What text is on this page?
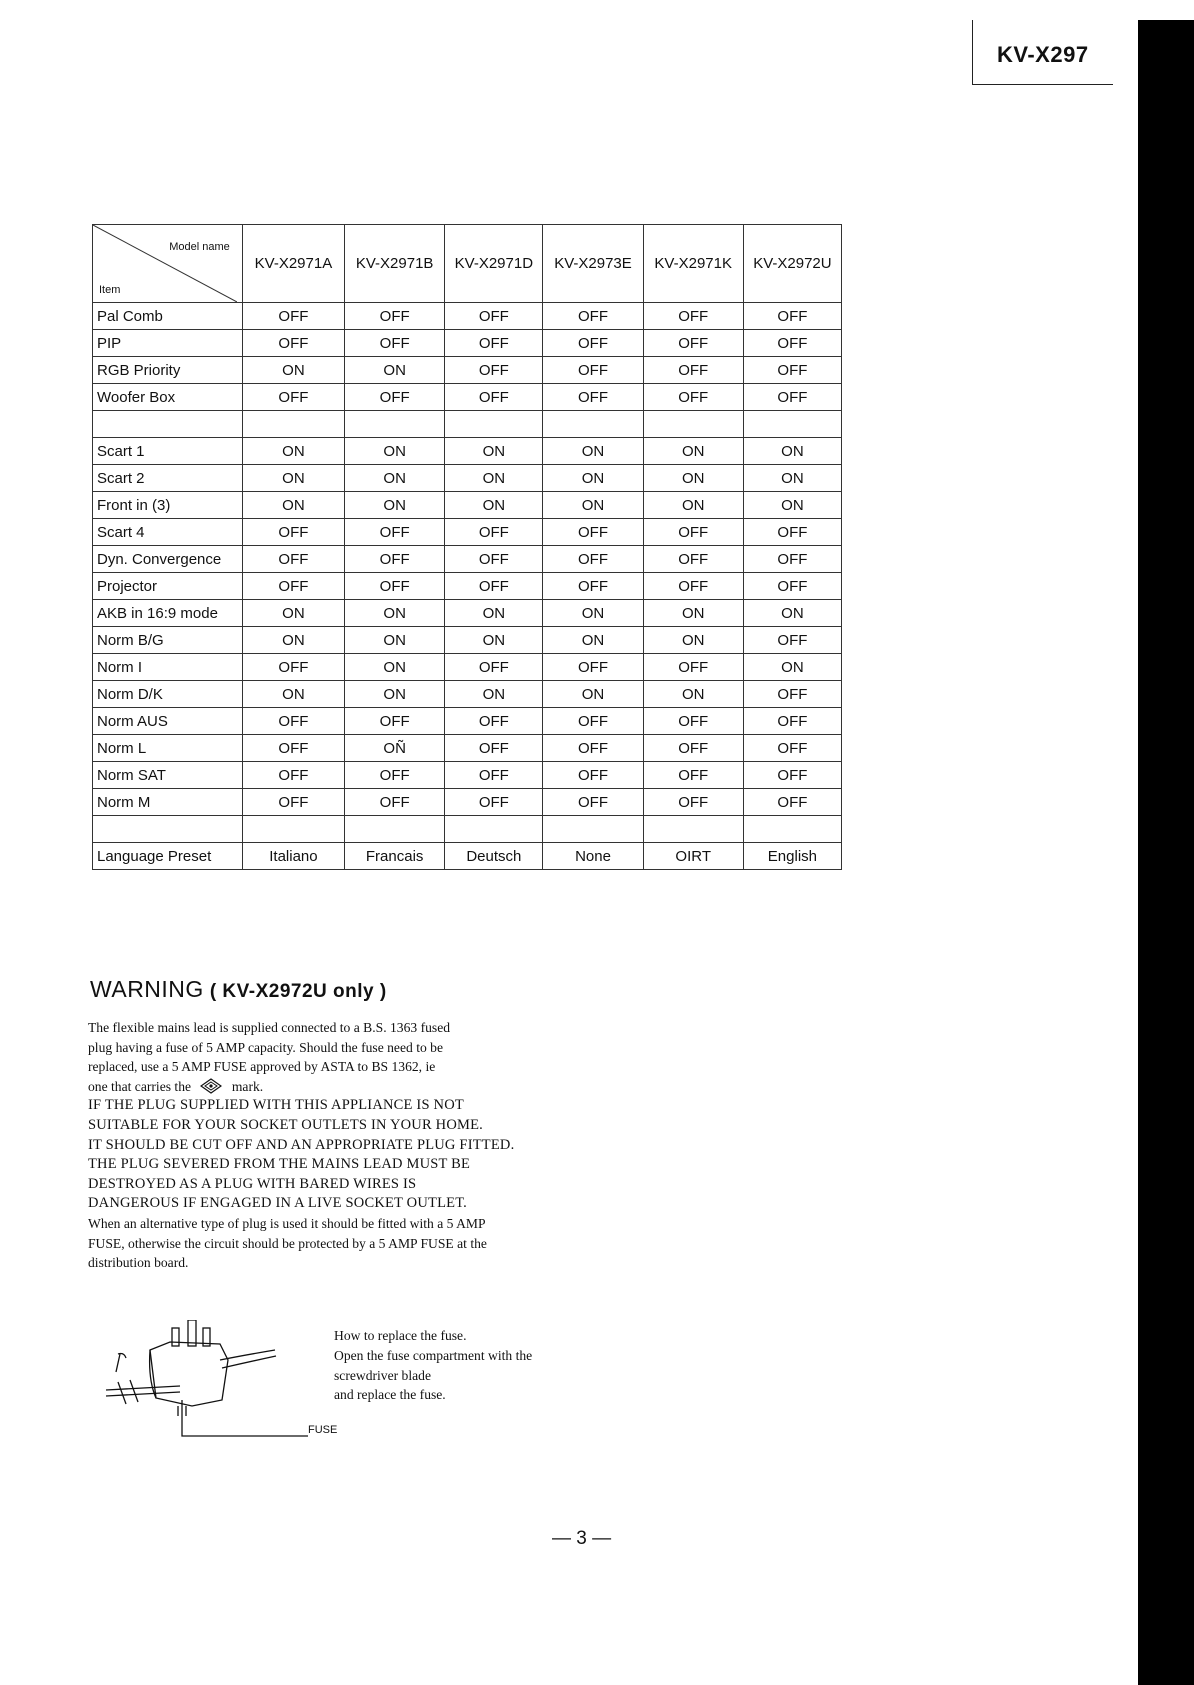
KV-X297
Model name
Item	KV-X2971A	KV-X2971B	KV-X2971D	KV-X2973E	KV-X2971K	KV-X2972U
Pal Comb	OFF	OFF	OFF	OFF	OFF	OFF
PIP	OFF	OFF	OFF	OFF	OFF	OFF
RGB Priority	ON	ON	OFF	OFF	OFF	OFF
Woofer Box	OFF	OFF	OFF	OFF	OFF	OFF

Scart 1	ON	ON	ON	ON	ON	ON
Scart 2	ON	ON	ON	ON	ON	ON
Front in (3)	ON	ON	ON	ON	ON	ON
Scart 4	OFF	OFF	OFF	OFF	OFF	OFF
Dyn. Convergence	OFF	OFF	OFF	OFF	OFF	OFF
Projector	OFF	OFF	OFF	OFF	OFF	OFF
AKB in 16:9 mode	ON	ON	ON	ON	ON	ON
Norm B/G	ON	ON	ON	ON	ON	OFF
Norm I	OFF	ON	OFF	OFF	OFF	ON
Norm D/K	ON	ON	ON	ON	ON	OFF
Norm AUS	OFF	OFF	OFF	OFF	OFF	OFF
Norm L	OFF	OÑ	OFF	OFF	OFF	OFF
Norm SAT	OFF	OFF	OFF	OFF	OFF	OFF
Norm M	OFF	OFF	OFF	OFF	OFF	OFF

Language Preset	Italiano	Francais	Deutsch	None	OIRT	English
WARNING ( KV-X2972U only )

The flexible mains lead is supplied connected to a B.S. 1363 fused

plug having a fuse of 5 AMP capacity. Should the fuse need to be

replaced, use a 5 AMP FUSE approved by ASTA to BS 1362, ie

one that carries the	mark.

IF THE PLUG SUPPLIED WITH THIS APPLIANCE IS NOT

SUITABLE FOR YOUR SOCKET OUTLETS IN YOUR HOME.

IT SHOULD BE CUT OFF AND AN APPROPRIATE PLUG FITTED.

THE PLUG SEVERED FROM THE MAINS LEAD MUST BE

DESTROYED AS A PLUG WITH BARED WIRES IS

DANGEROUS IF ENGAGED IN A LIVE SOCKET OUTLET.

When an alternative type of plug is used it should be fitted with a 5 AMP

FUSE, otherwise the circuit should be protected by a 5 AMP FUSE at the

distribution board.

FUSE

How to replace the fuse.

Open the fuse compartment with the

screwdriver blade

and replace the fuse.

— 3 —
